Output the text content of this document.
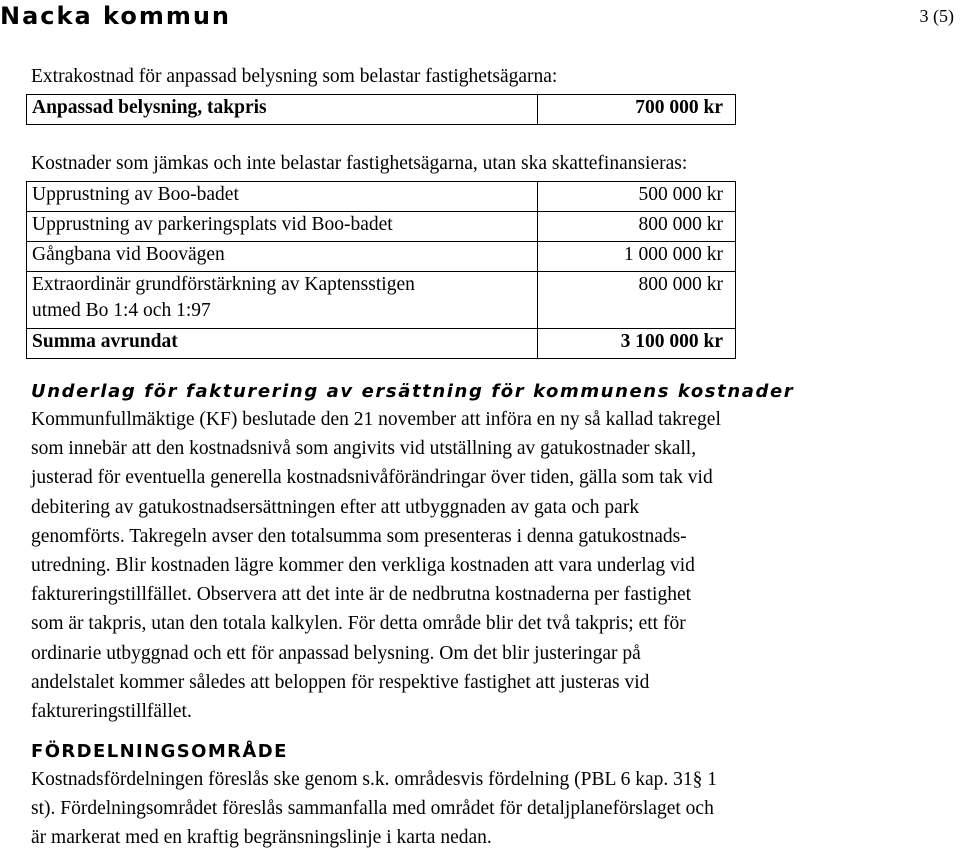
Nacka kommun	3 (5)
Extrakostnad för anpassad belysning som belastar fastighetsägarna:
Anpassad belysning, takpris	700 000 kr
Kostnader som jämkas och inte belastar fastighetsägarna, utan ska skattefinansieras:
Upprustning av Boo-badet	500 000 kr
Upprustning av parkeringsplats vid Boo-badet	800 000 kr
Gångbana vid Boovägen	1 000 000 kr

Extraordinär grundförstärkning av Kaptensstigen
utmed Bo 1:4 och 1:97	800 000 kr
Summa avrundat	3 100 000 kr
Underlag för fakturering av ersättning för kommunens kostnader
Kommunfullmäktige (KF) beslutade den 21 november att införa en ny så kallad takregel
som innebär att den kostnadsnivå som angivits vid utställning av gatukostnader skall,
justerad för eventuella generella kostnadsnivåförändringar över tiden, gälla som tak vid
debitering av gatukostnadsersättningen efter att utbyggnaden av gata och park
genomförts. Takregeln avser den totalsumma som presenteras i denna gatukostnads-
utredning. Blir kostnaden lägre kommer den verkliga kostnaden att vara underlag vid
faktureringstillfället. Observera att det inte är de nedbrutna kostnaderna per fastighet
som är takpris, utan den totala kalkylen. För detta område blir det två takpris; ett för
ordinarie utbyggnad och ett för anpassad belysning. Om det blir justeringar på
andelstalet kommer således att beloppen för respektive fastighet att justeras vid
faktureringstillfället.
FÖRDELNINGSOMRÅDE
Kostnadsfördelningen föreslås ske genom s.k. områdesvis fördelning (PBL 6 kap. 31§ 1
st). Fördelningsområdet föreslås sammanfalla med området för detaljplaneförslaget och
är markerat med en kraftig begränsningslinje i karta nedan.
